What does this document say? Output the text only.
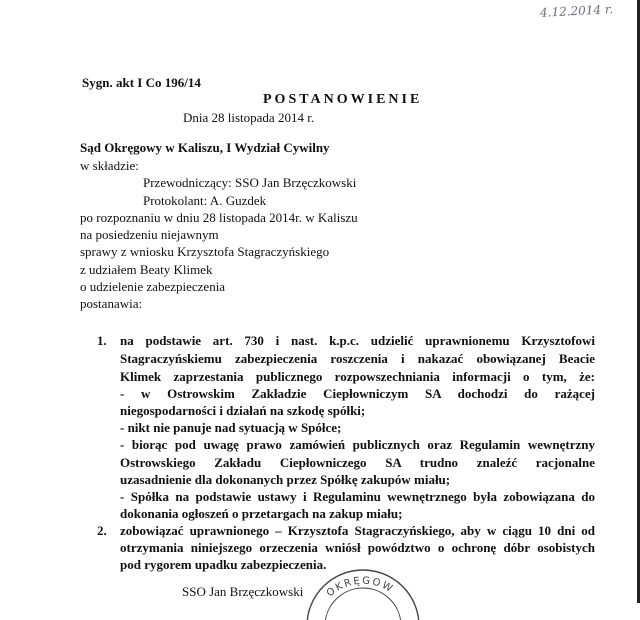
4.12.2014 r.
Sygn. akt I Co 196/14
POSTANOWIENIE
Dnia 28 listopada 2014 r.
Sąd Okręgowy w Kaliszu, I Wydział Cywilny
w składzie:
Przewodniczący: SSO Jan Brzęczkowski
Protokolant: A. Guzdek
po rozpoznaniu w dniu 28 listopada 2014r. w Kaliszu
na posiedzeniu niejawnym
sprawy z wniosku Krzysztofa Stagraczyńskiego
z udziałem Beaty Klimek
o udzielenie zabezpieczenia
postanawia:
1. na podstawie art. 730 i nast. k.p.c. udzielić uprawnionemu Krzysztofowi
Stagraczyńskiemu zabezpieczenia roszczenia i nakazać obowiązanej Beacie
Klimek zaprzestania publicznego rozpowszechniania informacji o tym, że:
- w Ostrowskim Zakładzie Ciepłowniczym SA dochodzi do rażącej
niegospodarności i działań na szkodę spółki;
- nikt nie panuje nad sytuacją w Spółce;
- biorąc pod uwagę prawo zamówień publicznych oraz Regulamin wewnętrzny
Ostrowskiego Zakładu Ciepłowniczego SA trudno znaleźć racjonalne
uzasadnienie dla dokonanych przez Spółkę zakupów miału;
- Spółka na podstawie ustawy i Regulaminu wewnętrznego była zobowiązana do
dokonania ogłoszeń o przetargach na zakup miału;
2. zobowiązać uprawnionego – Krzysztofa Stagraczyńskiego, aby w ciągu 10 dni od
otrzymania niniejszego orzeczenia wniósł powództwo o ochronę dóbr osobistych
pod rygorem upadku zabezpieczenia.
SSO Jan Brzęczkowski OKRĘGOW
